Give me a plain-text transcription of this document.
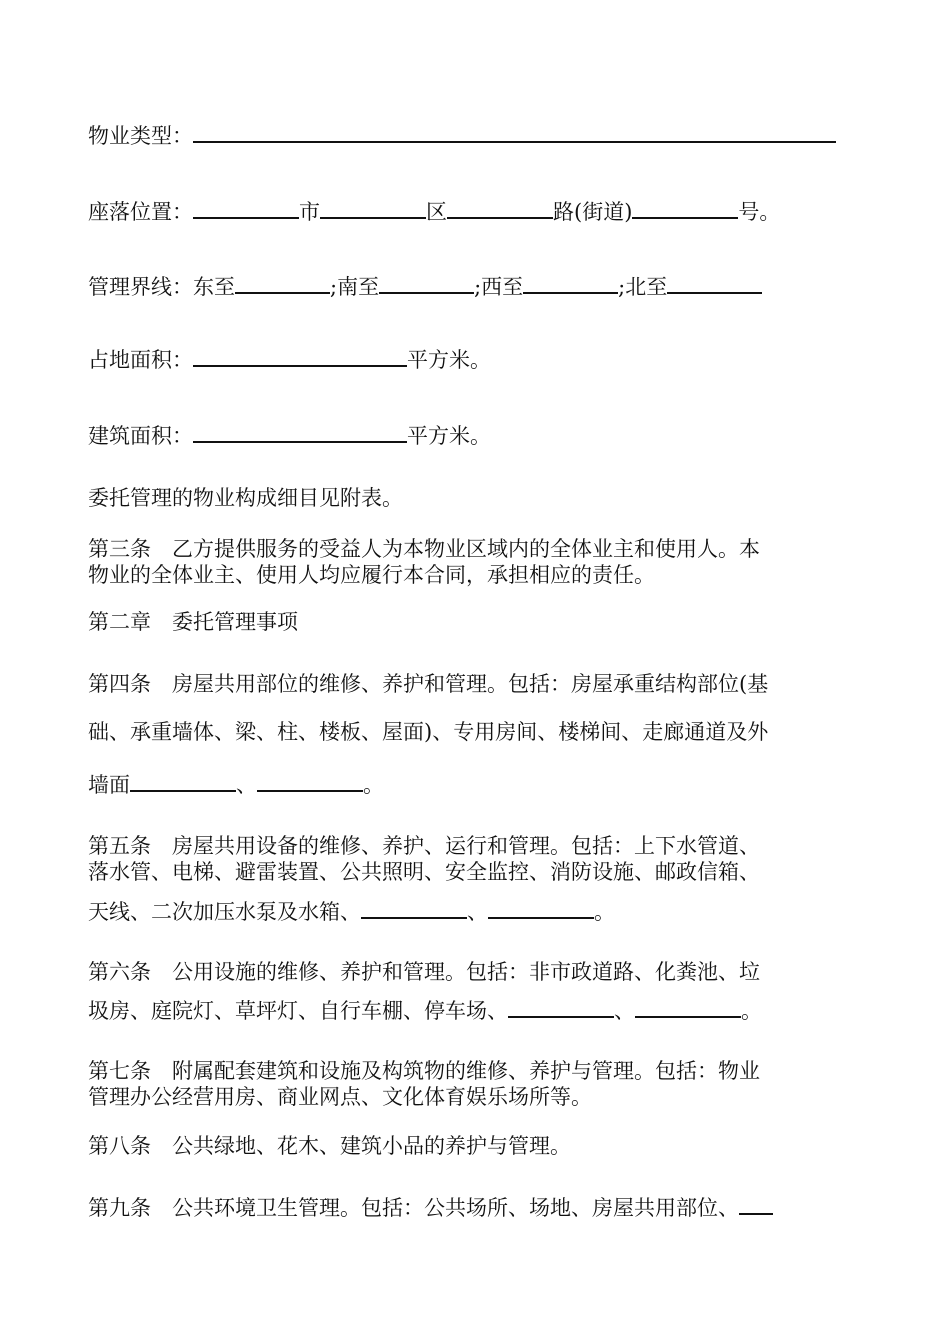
物业类型：
座落位置：	市	区	路(街道)	号。
管理界线：东至	;南至	;西至	;北至
占地面积：	平方米。
建筑面积：	平方米。
委托管理的物业构成细目见附表。
第三条 乙方提供服务的受益人为本物业区域内的全体业主和使用人。本
物业的全体业主、使用人均应履行本合同，承担相应的责任。
第二章 委托管理事项
第四条 房屋共用部位的维修、养护和管理。包括：房屋承重结构部位(基
础、承重墙体、梁、柱、楼板、屋面)、专用房间、楼梯间、走廊通道及外
墙面	、	。
第五条 房屋共用设备的维修、养护、运行和管理。包括：上下水管道、
落水管、电梯、避雷装置、公共照明、安全监控、消防设施、邮政信箱、
天线、二次加压水泵及水箱、	、	。
第六条 公用设施的维修、养护和管理。包括：非市政道路、化粪池、垃
圾房、庭院灯、草坪灯、自行车棚、停车场、	、	。
第七条 附属配套建筑和设施及构筑物的维修、养护与管理。包括：物业
管理办公经营用房、商业网点、文化体育娱乐场所等。
第八条 公共绿地、花木、建筑小品的养护与管理。
第九条 公共环境卫生管理。包括：公共场所、场地、房屋共用部位、
